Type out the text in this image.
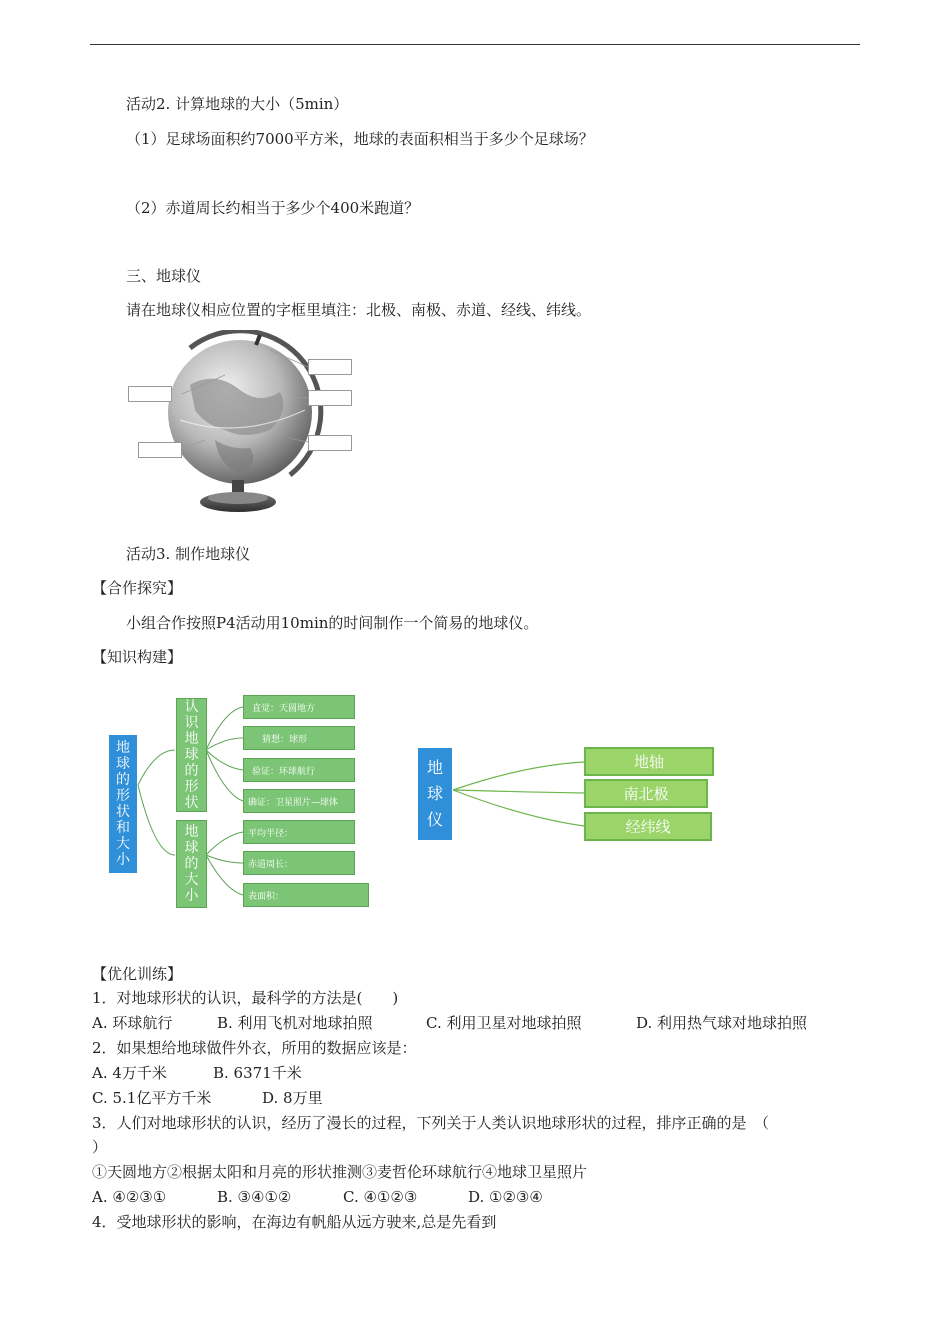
活动2. 计算地球的大小（5min）
（1）足球场面积约7000平方米，地球的表面积相当于多少个足球场？
（2）赤道周长约相当于多少个400米跑道？
三、地球仪
请在地球仪相应位置的字框里填注：北极、南极、赤道、经线、纬线。
活动3. 制作地球仪
【合作探究】
小组合作按照P4活动用10min的时间制作一个简易的地球仪。
【知识构建】
地
球
的
形
状
和
大
小
认
识
地
球
的
形
状
地
球
的
大
小
直觉：天圆地方
猜想：球形
验证：环球航行
确证：卫星照片—球体
平均半径：
赤道周长：
表面积：
地
球
仪
地轴
南北极
经纬线
【优化训练】
1．对地球形状的认识，最科学的方法是(　　)
A. 环球航行	B. 利用飞机对地球拍照	C. 利用卫星对地球拍照	D. 利用热气球对地球拍照
2．如果想给地球做件外衣，所用的数据应该是：
A. 4万千米	B. 6371千米
C. 5.1亿平方千米	D. 8万里
3．人们对地球形状的认识，经历了漫长的过程，下列关于人类认识地球形状的过程，排序正确的是　（
）
①天圆地方②根据太阳和月亮的形状推测③麦哲伦环球航行④地球卫星照片
A. ④②③①	B. ③④①②	C. ④①②③	D. ①②③④
4．受地球形状的影响，在海边有帆船从远方驶来,总是先看到
